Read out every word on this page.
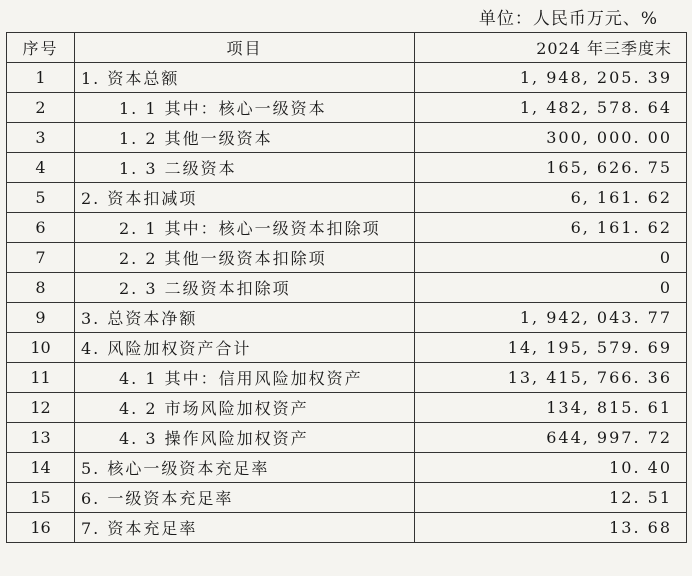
单位：人民币万元、%
序号	项目	2024 年三季度末
1	1. 资本总额	1, 948, 205. 39
2	1. 1 其中：核心一级资本	1, 482, 578. 64
3	1. 2 其他一级资本	300, 000. 00
4	1. 3 二级资本	165, 626. 75
5	2. 资本扣减项	6, 161. 62
6	2. 1 其中：核心一级资本扣除项	6, 161. 62
7	2. 2 其他一级资本扣除项	0
8	2. 3 二级资本扣除项	0
9	3. 总资本净额	1, 942, 043. 77
10	4. 风险加权资产合计	14, 195, 579. 69
11	4. 1 其中：信用风险加权资产	13, 415, 766. 36
12	4. 2 市场风险加权资产	134, 815. 61
13	4. 3 操作风险加权资产	644, 997. 72
14	5. 核心一级资本充足率	10. 40
15	6. 一级资本充足率	12. 51
16	7. 资本充足率	13. 68
